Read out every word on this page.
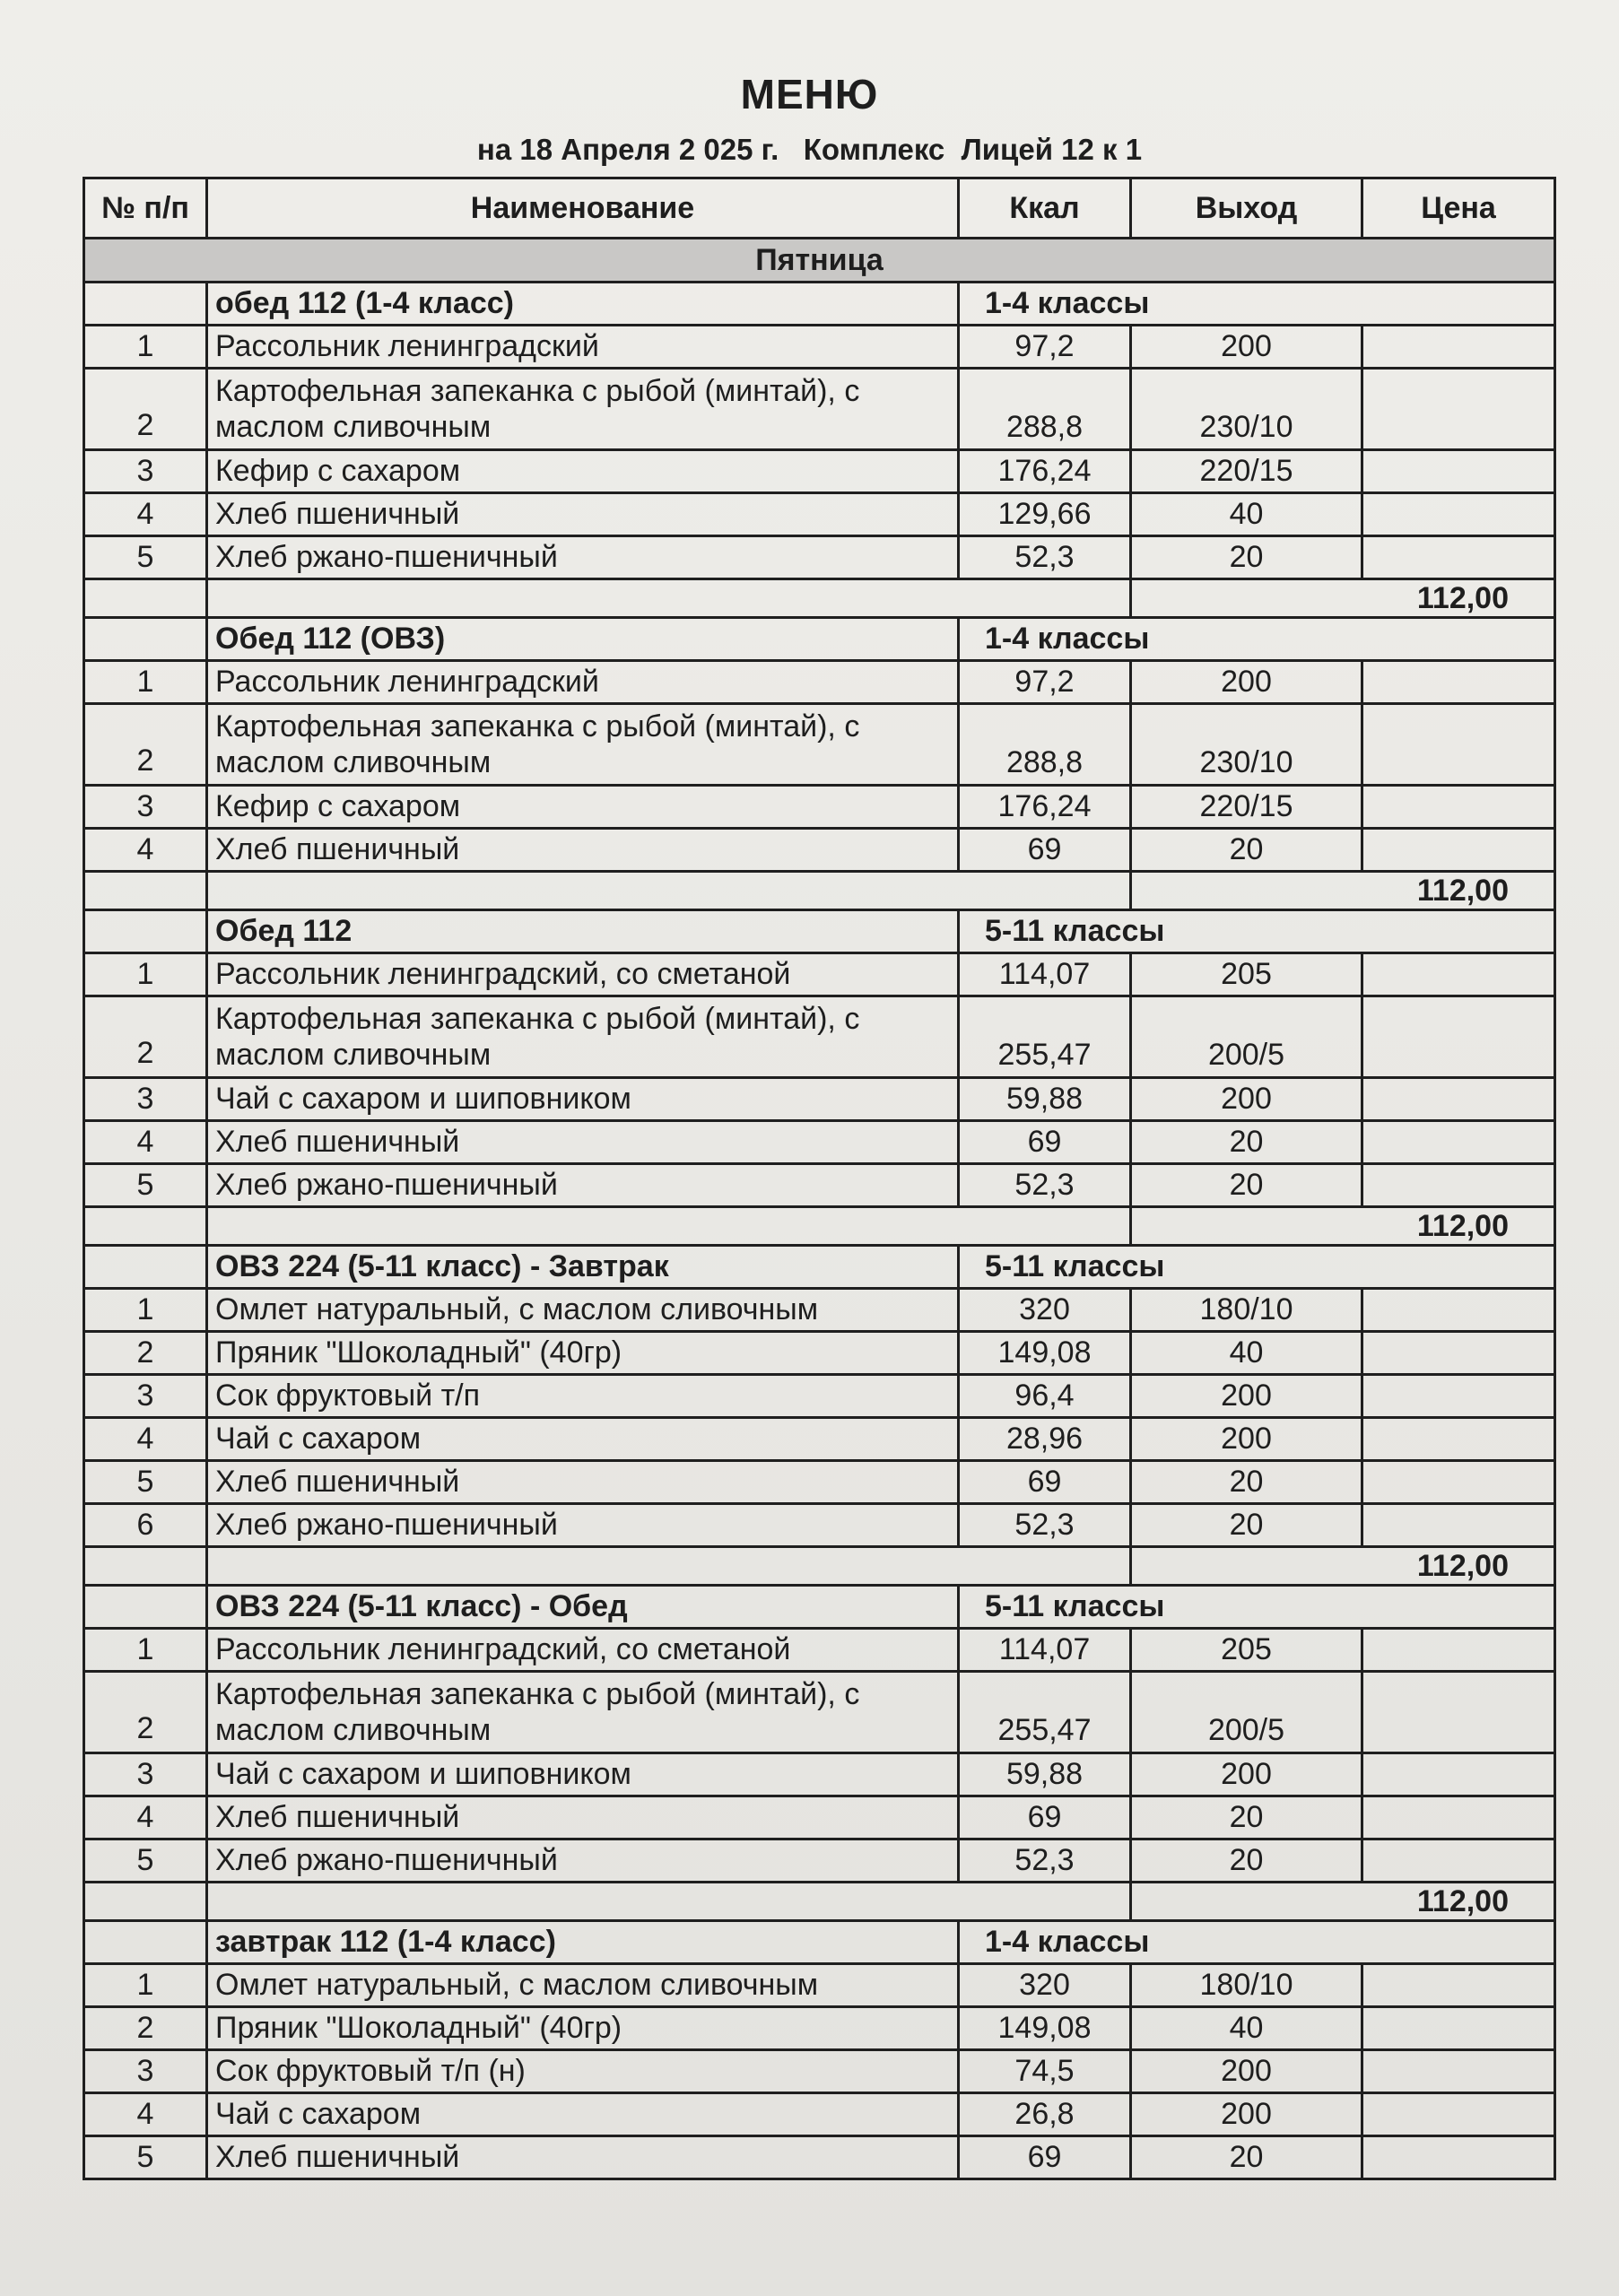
МЕНЮ
на 18 Апреля 2 025 г.   Комплекс  Лицей 12 к 1
№ п/п	Наименование	Ккал	Выход	Цена
Пятница				
	обед 112 (1-4 класс)	1-4 классы		
1	Рассольник ленинградский	97,2	200	
2	Картофельная запеканка с рыбой (минтай), с маслом сливочным	288,8	230/10	
3	Кефир с сахаром	176,24	220/15	
4	Хлеб пшеничный	129,66	40	
5	Хлеб ржано-пшеничный	52,3	20	
			112,00	
	Обед 112 (ОВЗ)	1-4 классы		
1	Рассольник ленинградский	97,2	200	
2	Картофельная запеканка с рыбой (минтай), с маслом сливочным	288,8	230/10	
3	Кефир с сахаром	176,24	220/15	
4	Хлеб пшеничный	69	20	
			112,00	
	Обед 112	5-11 классы		
1	Рассольник ленинградский, со сметаной	114,07	205	
2	Картофельная запеканка с рыбой (минтай), с маслом сливочным	255,47	200/5	
3	Чай с сахаром и шиповником	59,88	200	
4	Хлеб пшеничный	69	20	
5	Хлеб ржано-пшеничный	52,3	20	
			112,00	
	ОВЗ 224 (5-11 класс) - Завтрак	5-11 классы		
1	Омлет натуральный, с маслом сливочным	320	180/10	
2	Пряник "Шоколадный" (40гр)	149,08	40	
3	Сок фруктовый т/п	96,4	200	
4	Чай с сахаром	28,96	200	
5	Хлеб пшеничный	69	20	
6	Хлеб ржано-пшеничный	52,3	20	
			112,00	
	ОВЗ 224 (5-11 класс) - Обед	5-11 классы		
1	Рассольник ленинградский, со сметаной	114,07	205	
2	Картофельная запеканка с рыбой (минтай), с маслом сливочным	255,47	200/5	
3	Чай с сахаром и шиповником	59,88	200	
4	Хлеб пшеничный	69	20	
5	Хлеб ржано-пшеничный	52,3	20	
			112,00	
	завтрак 112 (1-4 класс)	1-4 классы		
1	Омлет натуральный, с маслом сливочным	320	180/10	
2	Пряник "Шоколадный" (40гр)	149,08	40	
3	Сок фруктовый т/п (н)	74,5	200	
4	Чай с сахаром	26,8	200	
5	Хлеб пшеничный	69	20	
